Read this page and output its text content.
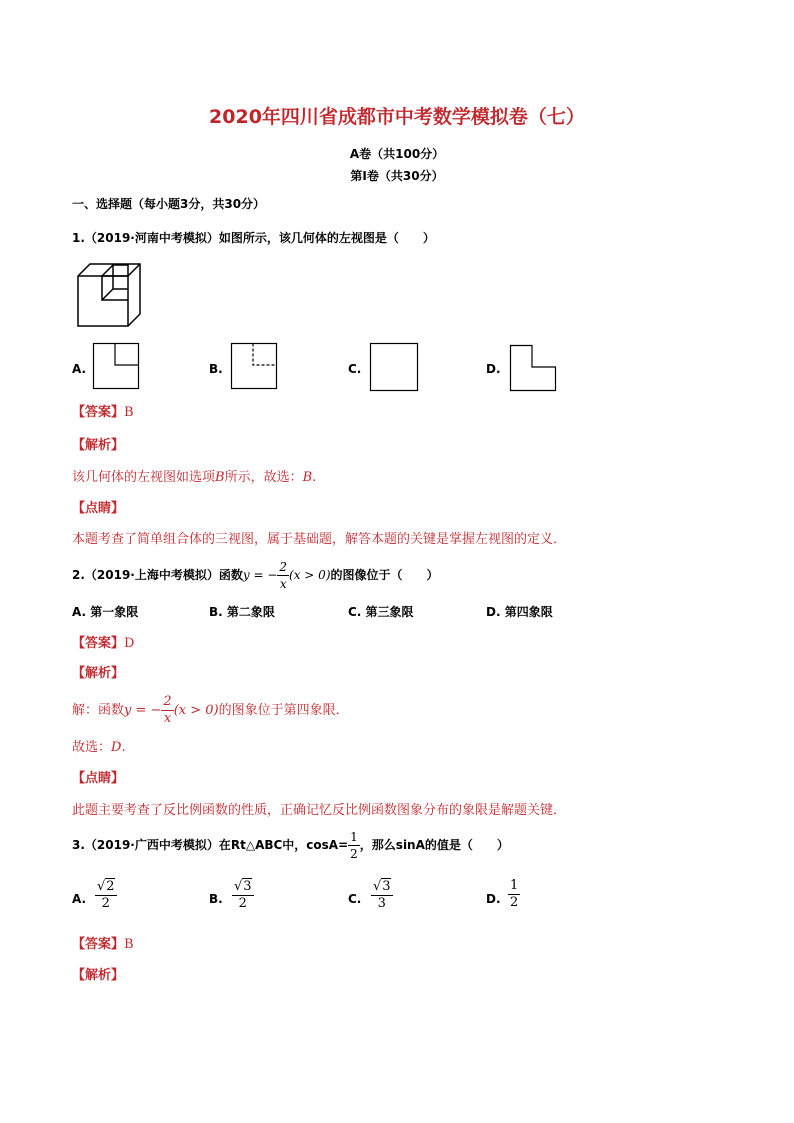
2020年四川省成都市中考数学模拟卷（七）
A卷（共100分）
第Ⅰ卷（共30分）
一、选择题（每小题3分，共30分）
1.（2019·河南中考模拟）如图所示，该几何体的左视图是（　　）
A.	B.	C.	D.
【答案】B
【解析】
该几何体的左视图如选项B所示，故选：B.
【点睛】
本题考查了简单组合体的三视图，属于基础题，解答本题的关键是掌握左视图的定义．
2.（2019·上海中考模拟）函数y = − $\frac{2}{x} (x > 0)$的图像位于（　　）
A. 第一象限	B. 第二象限	C. 第三象限	D. 第四象限
【答案】D
【解析】
解：函数y = − $\frac{2}{x} (x > 0)$的图象位于第四象限．
故选：D.
【点睛】
此题主要考查了反比例函数的性质，正确记忆反比例函数图象分布的象限是解题关键．
3.（2019·广西中考模拟）在Rt△ABC中，$\cos A= \frac{1}{2}$ ，那么sinA的值是（　　）
A. $\frac{√2}{2}$	B. $\frac{√3}{2}$	C. $\frac{√3}{3}$	D. $\frac{1}{2}$
【答案】B
【解析】
